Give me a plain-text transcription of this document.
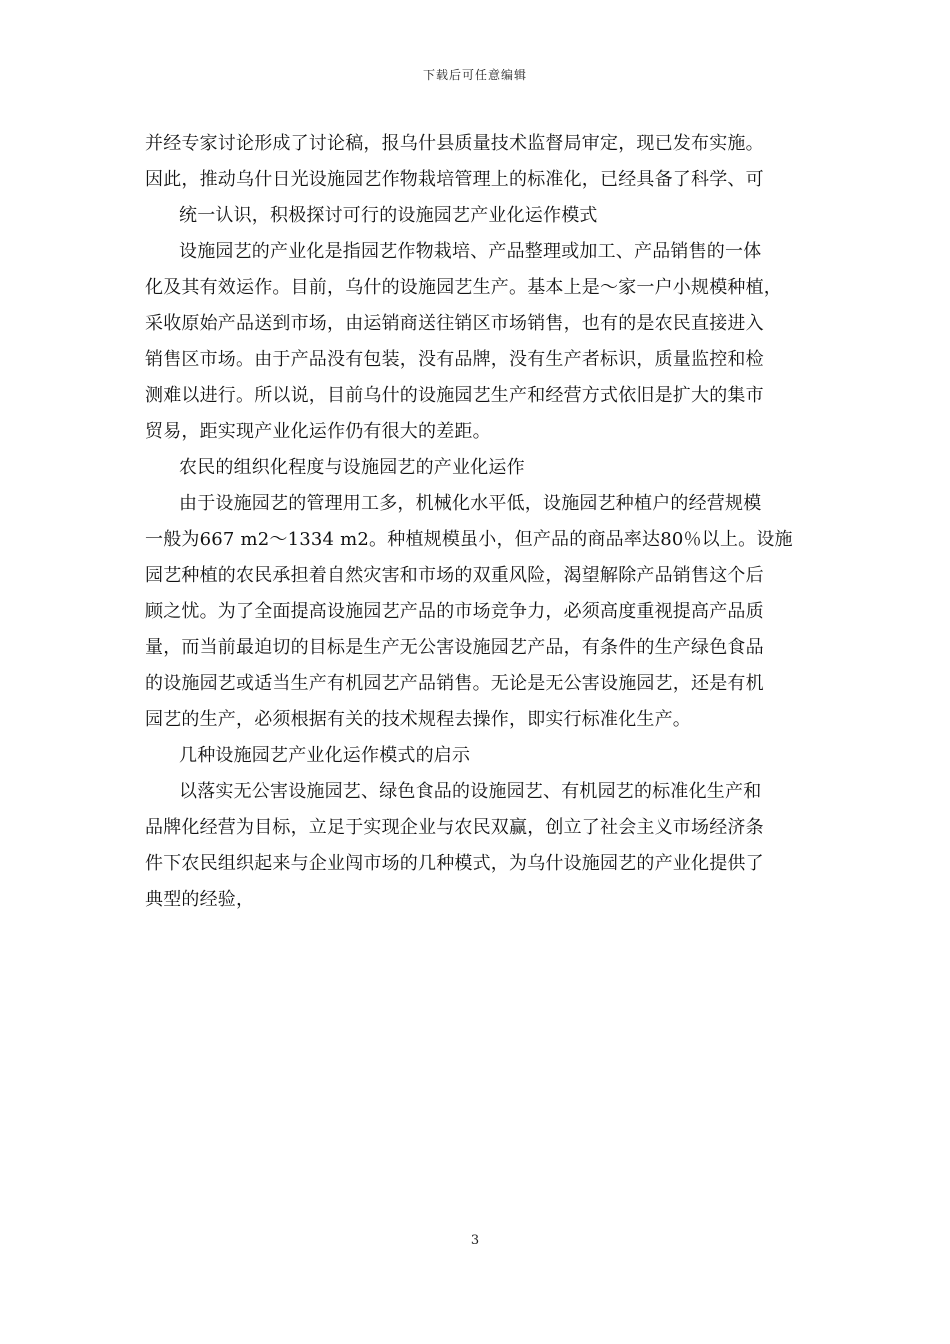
下载后可任意编辑
并经专家讨论形成了讨论稿，报乌什县质量技术监督局审定，现已发布实施。
因此，推动乌什日光设施园艺作物栽培管理上的标准化，已经具备了科学、可
统一认识，积极探讨可行的设施园艺产业化运作模式
设施园艺的产业化是指园艺作物栽培、产品整理或加工、产品销售的一体
化及其有效运作。目前，乌什的设施园艺生产。基本上是～家一户小规模种植，
采收原始产品送到市场，由运销商送往销区市场销售，也有的是农民直接进入
销售区市场。由于产品没有包装，没有品牌，没有生产者标识，质量监控和检
测难以进行。所以说，目前乌什的设施园艺生产和经营方式依旧是扩大的集市
贸易，距实现产业化运作仍有很大的差距。
农民的组织化程度与设施园艺的产业化运作
由于设施园艺的管理用工多，机械化水平低，设施园艺种植户的经营规模
一般为667 m2～1334 m2。种植规模虽小，但产品的商品率达80％以上。设施
园艺种植的农民承担着自然灾害和市场的双重风险，渴望解除产品销售这个后
顾之忧。为了全面提高设施园艺产品的市场竞争力，必须高度重视提高产品质
量，而当前最迫切的目标是生产无公害设施园艺产品，有条件的生产绿色食品
的设施园艺或适当生产有机园艺产品销售。无论是无公害设施园艺，还是有机
园艺的生产，必须根据有关的技术规程去操作，即实行标准化生产。
几种设施园艺产业化运作模式的启示
以落实无公害设施园艺、绿色食品的设施园艺、有机园艺的标准化生产和
品牌化经营为目标，立足于实现企业与农民双赢，创立了社会主义市场经济条
件下农民组织起来与企业闯市场的几种模式，为乌什设施园艺的产业化提供了
典型的经验，
3
